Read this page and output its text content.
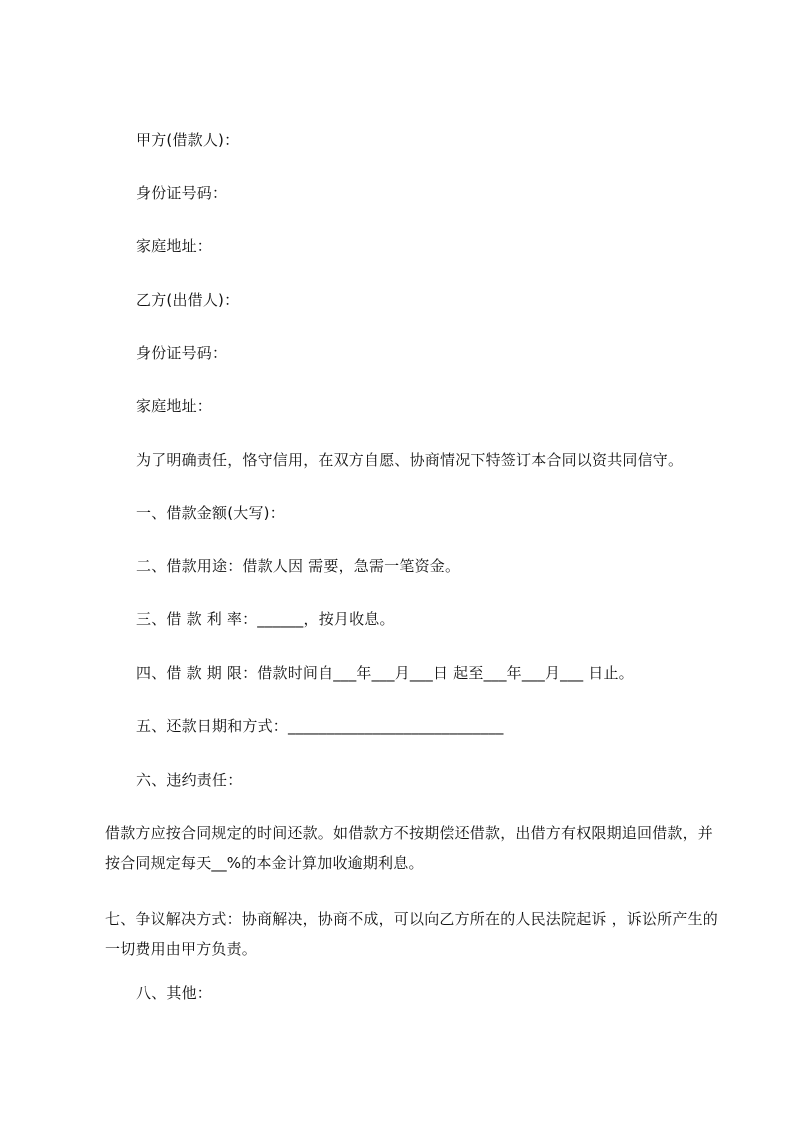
甲方(借款人)：
身份证号码：
家庭地址：
乙方(出借人)：
身份证号码：
家庭地址：
为了明确责任，恪守信用，在双方自愿、协商情况下特签订本合同以资共同信守。
一、借款金额(大写)：
二、借款用途：借款人因 需要，急需一笔资金。
三、借 款 利 率：______，按月收息。
四、借 款 期 限：借款时间自___年___月___日 起至___年___月___ 日止。
五、还款日期和方式：____________________________
六、违约责任：
借款方应按合同规定的时间还款。如借款方不按期偿还借款，出借方有权限期追回借款，并按合同规定每天__%的本金计算加收逾期利息。
七、争议解决方式：协商解决，协商不成，可以向乙方所在的人民法院起诉 ，诉讼所产生的一切费用由甲方负责。
八、其他：
